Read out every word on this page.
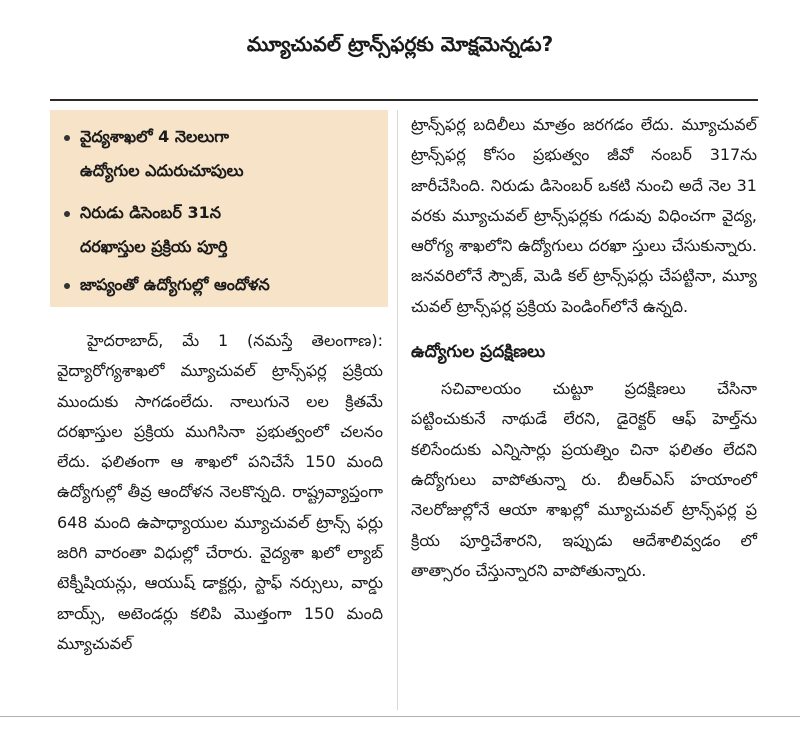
మ్యూచువల్‌ ట్రాన్స్‌ఫర్లకు మోక్షమెన్నడు?
వైద్యశాఖలో 4 నెలలుగా
ఉద్యోగుల ఎదురుచూపులు
నిరుడు డిసెంబర్‌ 31న
దరఖాస్తుల ప్రక్రియ పూర్తి
జాప్యంతో ఉద్యోగుల్లో ఆందోళన

హైదరాబాద్‌, మే 1 (నమస్తే తెలంగాణ): వైద్యారోగ్యశాఖలో మ్యూచువల్‌ ట్రాన్స్‌ఫర్ల ప్రక్రియ ముందుకు సాగడంలేదు. నాలుగునె లల క్రితమే దరఖాస్తుల ప్రక్రియ ముగిసినా ప్రభుత్వంలో చలనం లేదు. ఫలితంగా ఆ శాఖలో పనిచేసే 150 మంది ఉద్యోగుల్లో తీవ్ర ఆందోళన నెలకొన్నది. రాష్ట్రవ్యాప్తంగా 648 మంది ఉపాధ్యాయుల మ్యూచువల్‌ ట్రాన్స్‌ ఫర్లు జరిగి వారంతా విధుల్లో చేరారు. వైద్యశా ఖలో ల్యాబ్‌ టెక్నీషియన్లు, ఆయుష్‌ డాక్టర్లు, స్టాఫ్‌ నర్సులు, వార్డు బాయ్స్‌, అటెండర్లు కలిపి మొత్తంగా 150 మంది మ్యూచువల్‌

ట్రాన్స్‌ఫర్ల బదిలీలు మాత్రం జరగడం లేదు. మ్యూచువల్‌ ట్రాన్స్‌ఫర్ల కోసం ప్రభుత్వం జీవో నంబర్‌ 317ను జారీచేసింది. నిరుడు డిసెంబర్‌ ఒకటి నుంచి అదే నెల 31 వరకు మ్యూచువల్‌ ట్రాన్స్‌ఫర్లకు గడువు విధించగా వైద్య, ఆరోగ్య శాఖలోని ఉద్యోగులు దరఖా స్తులు చేసుకున్నారు. జనవరిలోనే స్పౌజ్‌, మెడి కల్‌ ట్రాన్స్‌ఫర్లు చేపట్టినా, మ్యూ చువల్‌ ట్రాన్స్‌ఫర్ల ప్రక్రియ పెండింగ్‌లోనే ఉన్నది.

ఉద్యోగుల ప్రదక్షిణలు

సచివాలయం చుట్టూ ప్రదక్షిణలు చేసినా పట్టించుకునే నాథుడే లేరని, డైరెక్టర్‌ ఆఫ్‌ హెల్త్‌ను కలిసేందుకు ఎన్నిసార్లు ప్రయత్నిం చినా ఫలితం లేదని ఉద్యోగులు వాపోతున్నా రు. బీఆర్‌ఎస్‌ హయాంలో నెలరోజుల్లోనే ఆయా శాఖల్లో మ్యూచువల్‌ ట్రాన్స్‌ఫర్ల ప్ర క్రియ పూర్తిచేశారని, ఇప్పుడు ఆదేశాలివ్వడం లో తాత్సారం చేస్తున్నారని వాపోతున్నారు.
